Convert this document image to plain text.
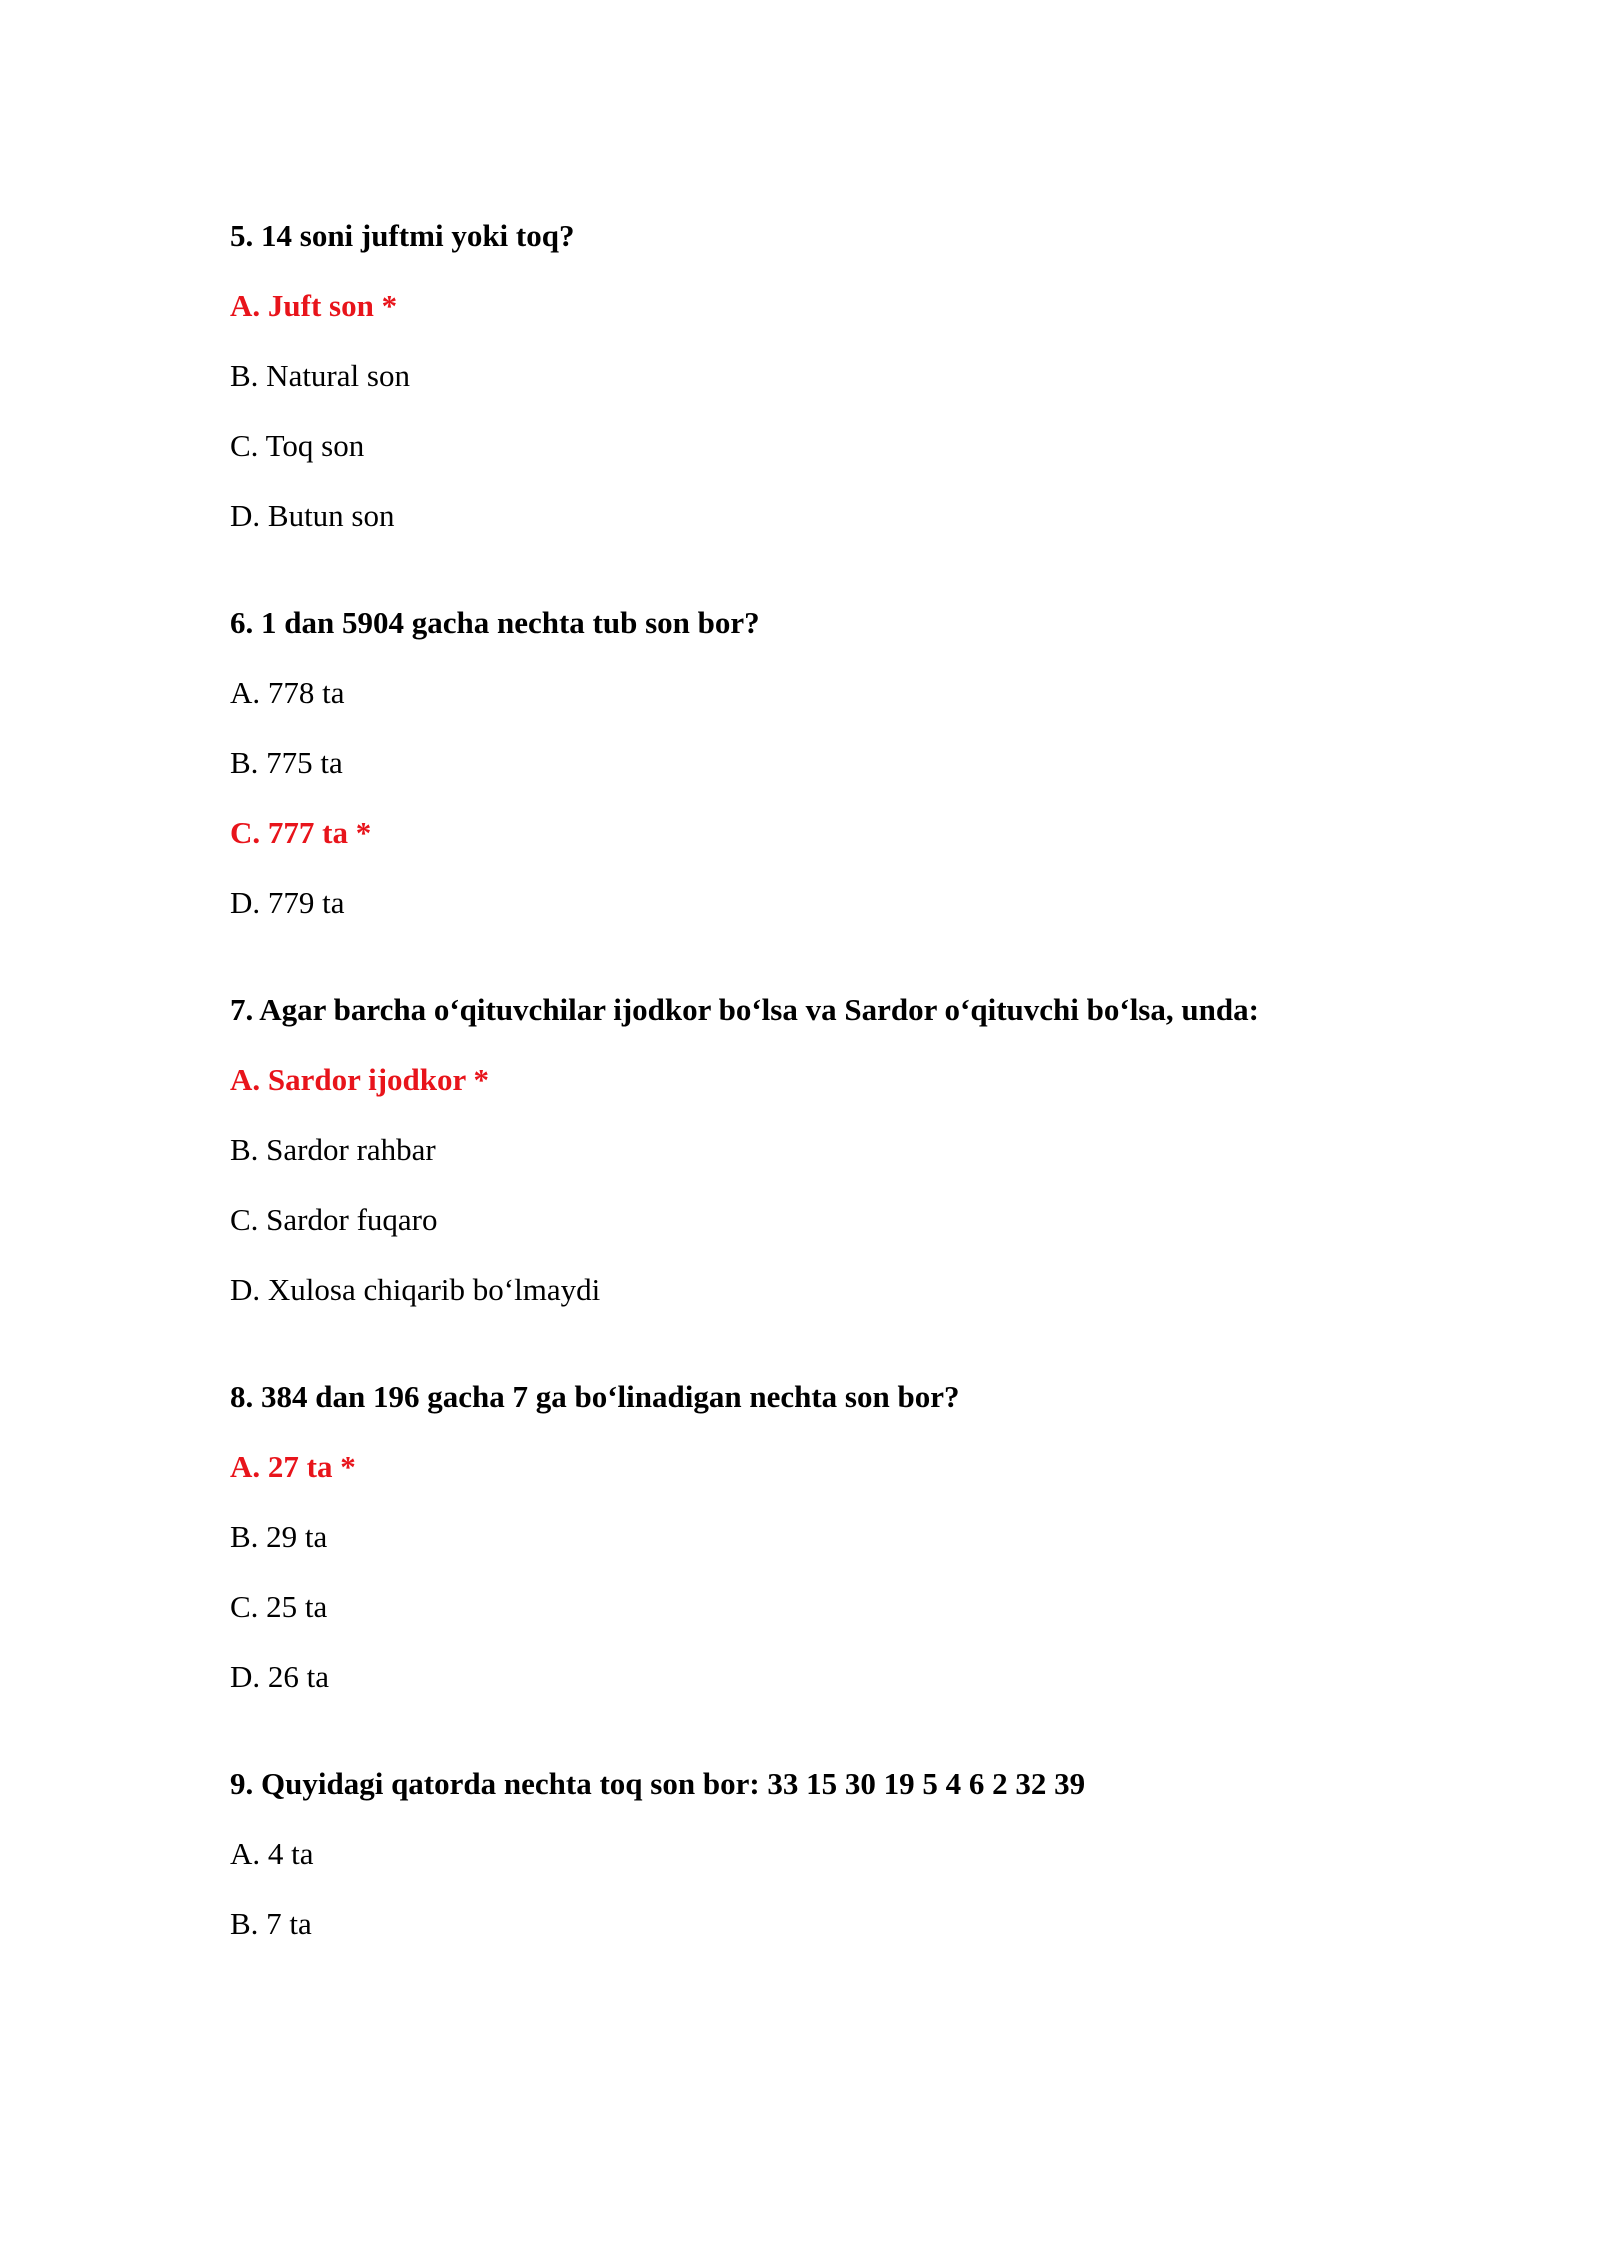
5. 14 soni juftmi yoki toq?
A. Juft son *
B. Natural son
C. Toq son
D. Butun son
6. 1 dan 5904 gacha nechta tub son bor?
A. 778 ta
B. 775 ta
C. 777 ta *
D. 779 ta
7. Agar barcha o‘qituvchilar ijodkor bo‘lsa va Sardor o‘qituvchi bo‘lsa, unda:
A. Sardor ijodkor *
B. Sardor rahbar
C. Sardor fuqaro
D. Xulosa chiqarib bo‘lmaydi
8. 384 dan 196 gacha 7 ga bo‘linadigan nechta son bor?
A. 27 ta *
B. 29 ta
C. 25 ta
D. 26 ta
9. Quyidagi qatorda nechta toq son bor: 33 15 30 19 5 4 6 2 32 39
A. 4 ta
B. 7 ta
